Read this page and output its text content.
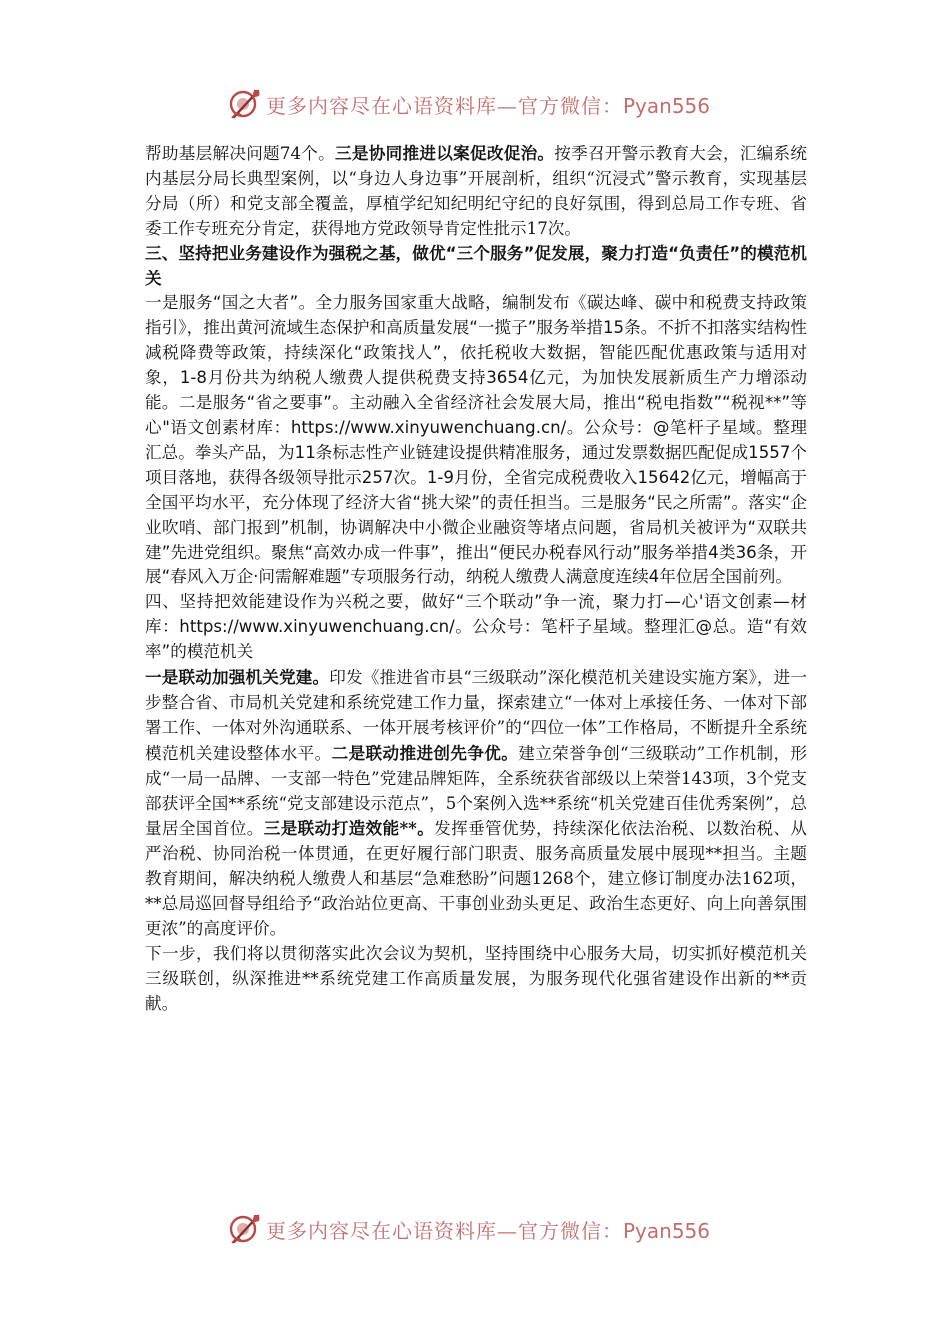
更多内容尽在心语资料库—官方微信：Pyan556

帮助基层解决问题74个。三是协同推进以案促改促治。按季召开警示教育大会，汇编系统内基层分局长典型案例，以“身边人身边事”开展剖析，组织“沉浸式”警示教育，实现基层分局（所）和党支部全覆盖，厚植学纪知纪明纪守纪的良好氛围，得到总局工作专班、省委工作专班充分肯定，获得地方党政领导肯定性批示17次。

三、坚持把业务建设作为强税之基，做优“三个服务”促发展，聚力打造“负责任”的模范机关

一是服务“国之大者”。全力服务国家重大战略，编制发布《碳达峰、碳中和税费支持政策指引》，推出黄河流域生态保护和高质量发展“一揽子”服务举措15条。不折不扣落实结构性减税降费等政策，持续深化“政策找人”，依托税收大数据，智能匹配优惠政策与适用对象，1-8月份共为纳税人缴费人提供税费支持3654亿元，为加快发展新质生产力增添动能。二是服务“省之要事”。主动融入全省经济社会发展大局，推出“税电指数”“税视**”等心"语文创素材库：https://www.xinyuwenchuang.cn/。公众号：@笔杆子星域。整理汇总。拳头产品，为11条标志性产业链建设提供精准服务，通过发票数据匹配促成1557个项目落地，获得各级领导批示257次。1-9月份，全省完成税费收入15642亿元，增幅高于全国平均水平，充分体现了经济大省“挑大梁”的责任担当。三是服务“民之所需”。落实“企业吹哨、部门报到”机制，协调解决中小微企业融资等堵点问题，省局机关被评为“双联共建”先进党组织。聚焦“高效办成一件事”，推出“便民办税春风行动”服务举措4类36条，开展“春风入万企·问需解难题”专项服务行动，纳税人缴费人满意度连续4年位居全国前列。

四、坚持把效能建设作为兴税之要，做好“三个联动”争一流，聚力打—心'语文创素—材库：https://www.xinyuwenchuang.cn/。公众号：笔杆子星域。整理汇@总。造“有效率”的模范机关

一是联动加强机关党建。印发《推进省市县“三级联动”深化模范机关建设实施方案》，进一步整合省、市局机关党建和系统党建工作力量，探索建立“一体对上承接任务、一体对下部署工作、一体对外沟通联系、一体开展考核评价”的“四位一体”工作格局，不断提升全系统模范机关建设整体水平。二是联动推进创先争优。建立荣誉争创“三级联动”工作机制，形成“一局一品牌、一支部一特色”党建品牌矩阵，全系统获省部级以上荣誉143项，3个党支部获评全国**系统“党支部建设示范点”，5个案例入选**系统“机关党建百佳优秀案例”，总量居全国首位。三是联动打造效能**。发挥垂管优势，持续深化依法治税、以数治税、从严治税、协同治税一体贯通，在更好履行部门职责、服务高质量发展中展现**担当。主题教育期间，解决纳税人缴费人和基层“急难愁盼”问题1268个，建立修订制度办法162项，**总局巡回督导组给予“政治站位更高、干事创业劲头更足、政治生态更好、向上向善氛围更浓”的高度评价。

下一步，我们将以贯彻落实此次会议为契机，坚持围绕中心服务大局，切实抓好模范机关三级联创，纵深推进**系统党建工作高质量发展，为服务现代化强省建设作出新的**贡献。

更多内容尽在心语资料库—官方微信：Pyan556
